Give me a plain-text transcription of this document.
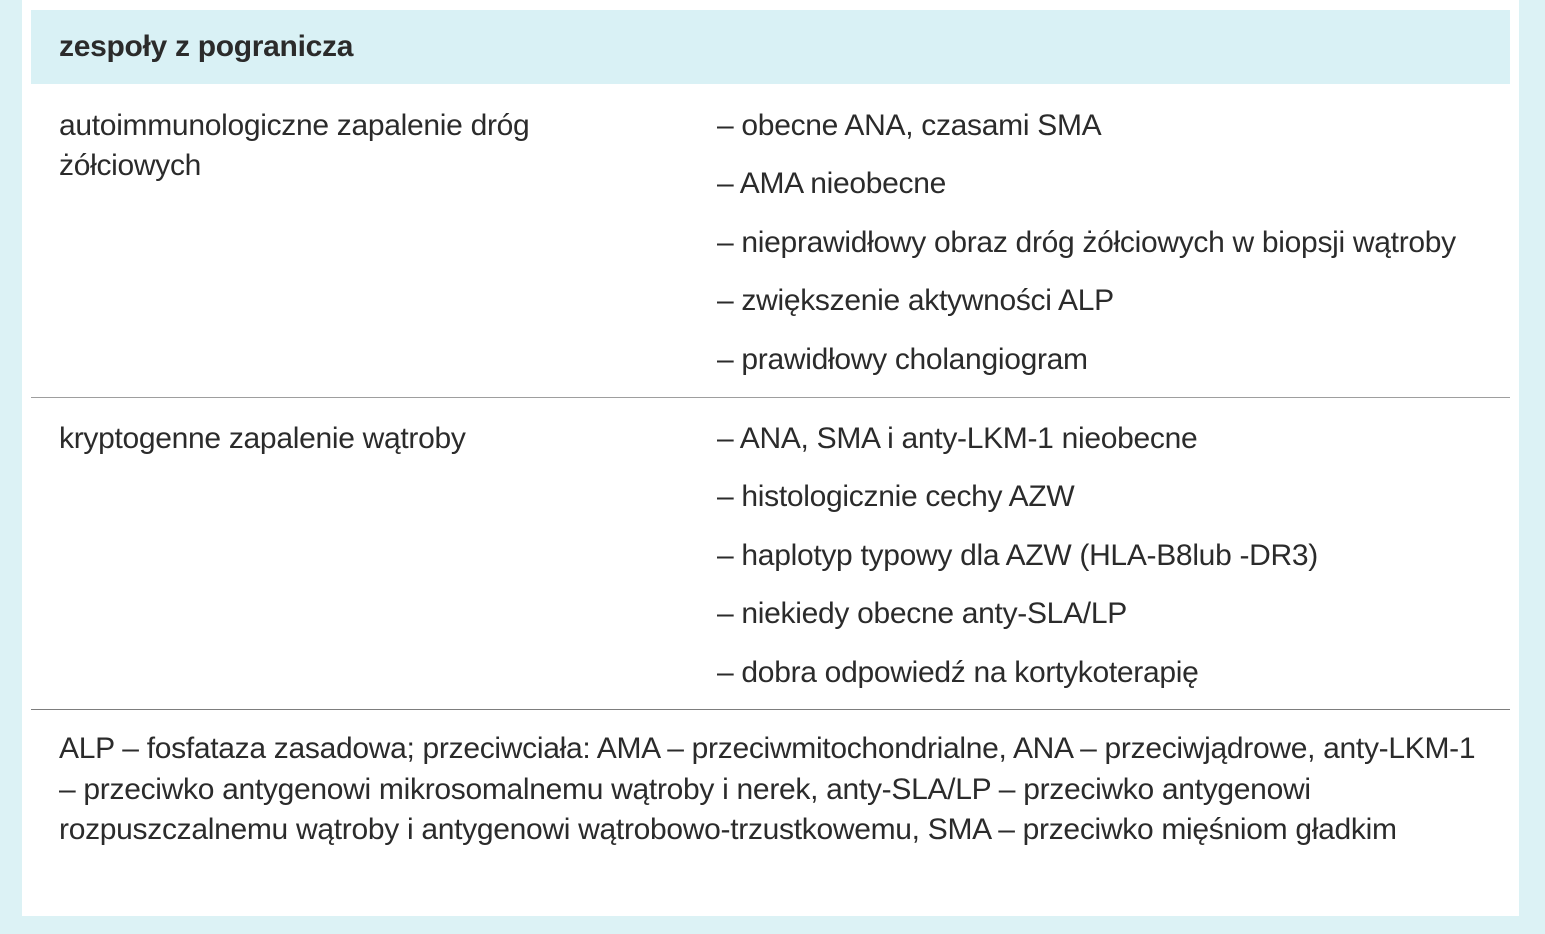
zespoły z pogranicza
autoimmunologiczne zapalenie dróg żółciowych
– obecne ANA, czasami SMA
– AMA nieobecne
– nieprawidłowy obraz dróg żółciowych w biopsji wątroby
– zwiększenie aktywności ALP
– prawidłowy cholangiogram
kryptogenne zapalenie wątroby	– ANA, SMA i anty-LKM-1 nieobecne
– histologicznie cechy AZW
– haplotyp typowy dla AZW (HLA-B8lub -DR3)
– niekiedy obecne anty-SLA/LP
– dobra odpowiedź na kortykoterapię
ALP – fosfataza zasadowa; przeciwciała: AMA – przeciwmitochondrialne, ANA – przeciwjądrowe, anty-LKM-1 – przeciwko antygenowi mikrosomalnemu wątroby i nerek, anty-SLA/LP – przeciwko antygenowi rozpuszczalnemu wątroby i antygenowi wątrobowo-trzustkowemu, SMA – przeciwko mięśniom gładkim
